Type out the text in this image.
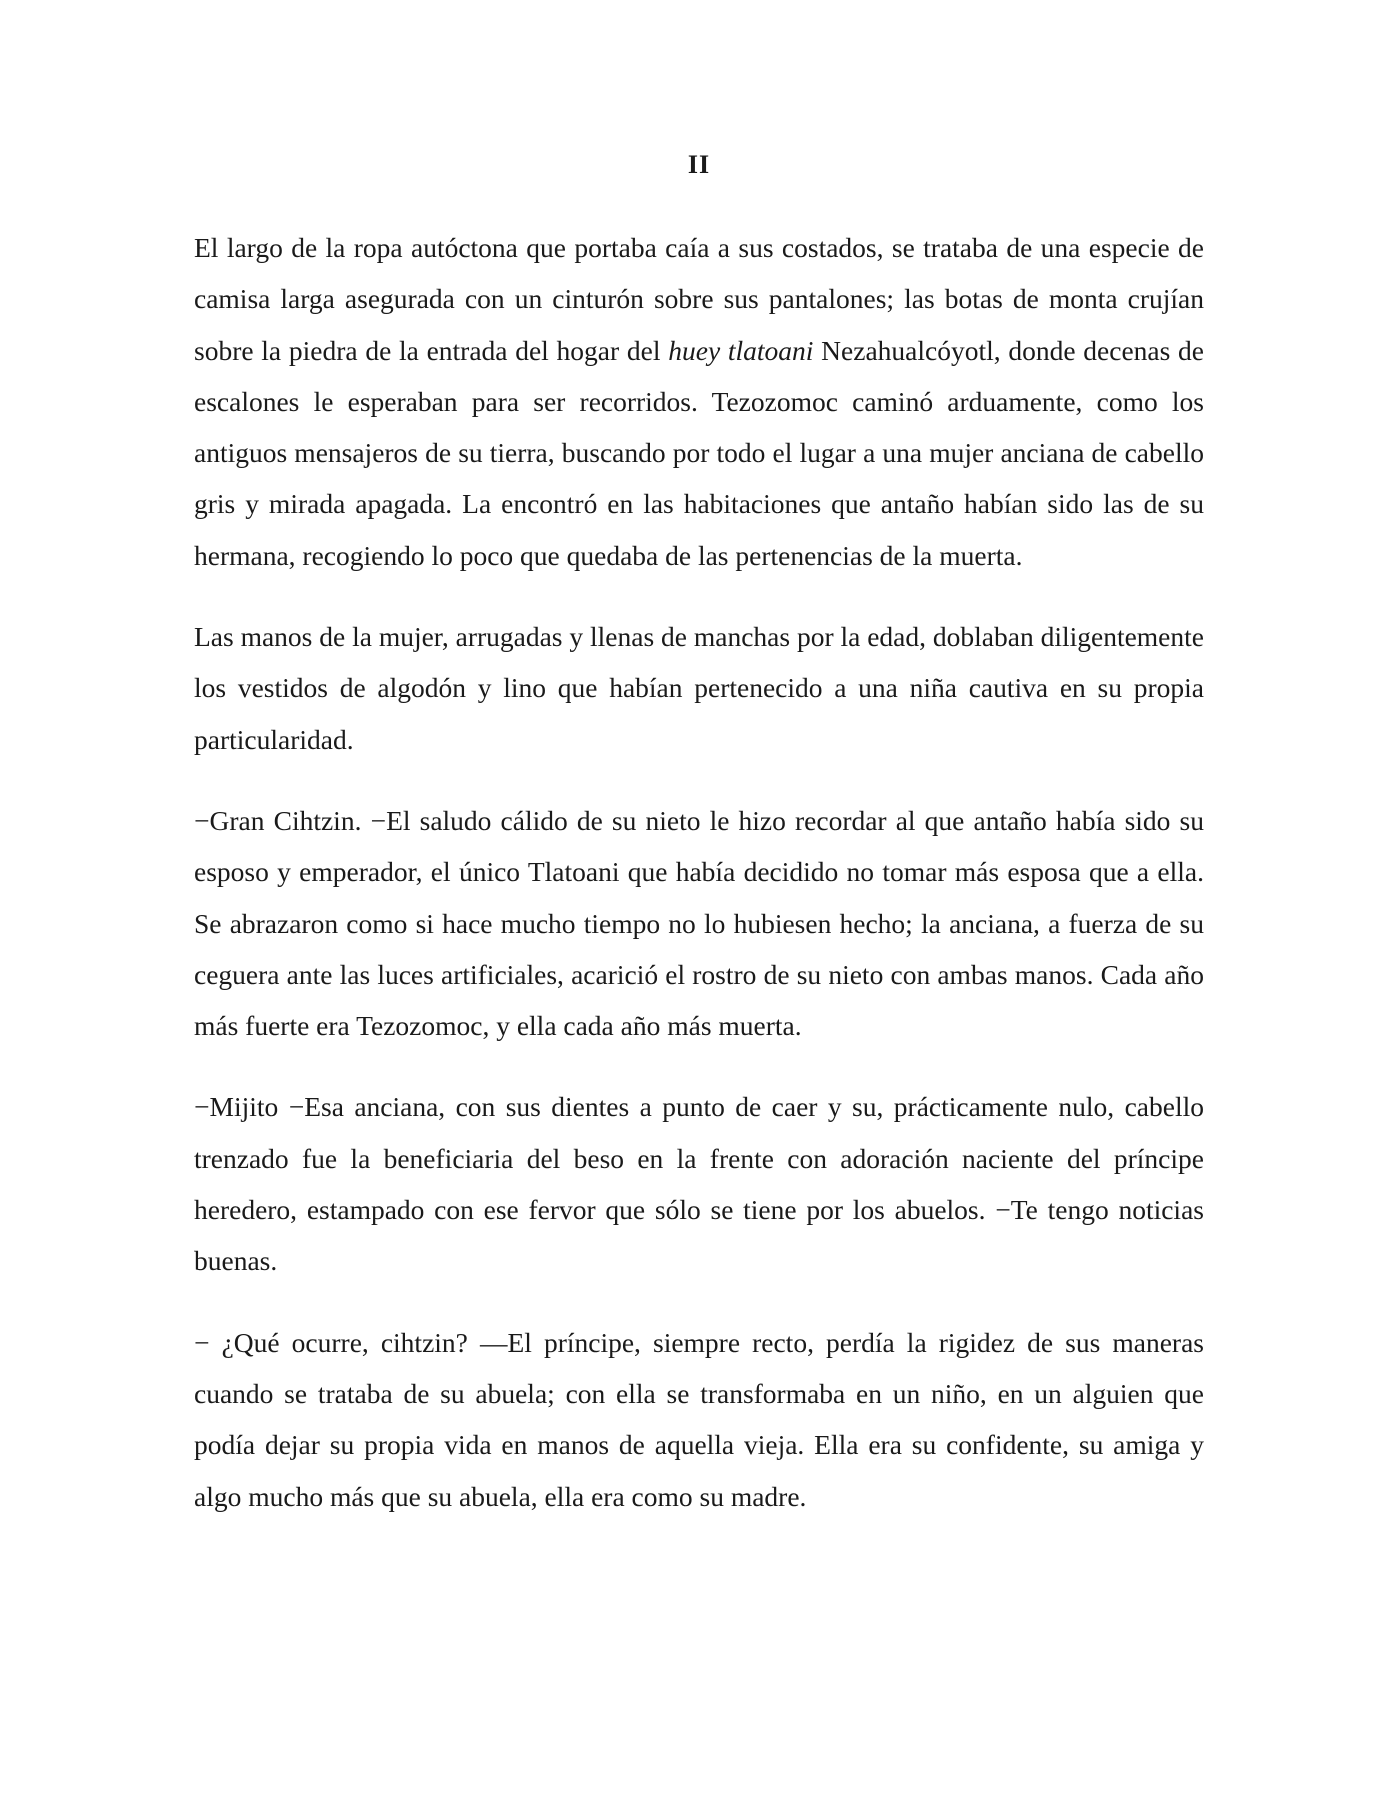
II

El largo de la ropa autóctona que portaba caía a sus costados, se trataba de una especie de camisa larga asegurada con un cinturón sobre sus pantalones; las botas de monta crujían sobre la piedra de la entrada del hogar del huey tlatoani Nezahualcóyotl, donde decenas de escalones le esperaban para ser recorridos. Tezozomoc caminó arduamente, como los antiguos mensajeros de su tierra, buscando por todo el lugar a una mujer anciana de cabello gris y mirada apagada. La encontró en las habitaciones que antaño habían sido las de su hermana, recogiendo lo poco que quedaba de las pertenencias de la muerta.

Las manos de la mujer, arrugadas y llenas de manchas por la edad, doblaban diligentemente los vestidos de algodón y lino que habían pertenecido a una niña cautiva en su propia particularidad.

−Gran Cihtzin. −El saludo cálido de su nieto le hizo recordar al que antaño había sido su esposo y emperador, el único Tlatoani que había decidido no tomar más esposa que a ella. Se abrazaron como si hace mucho tiempo no lo hubiesen hecho; la anciana, a fuerza de su ceguera ante las luces artificiales, acarició el rostro de su nieto con ambas manos. Cada año más fuerte era Tezozomoc, y ella cada año más muerta.

−Mijito −Esa anciana, con sus dientes a punto de caer y su, prácticamente nulo, cabello trenzado fue la beneficiaria del beso en la frente con adoración naciente del príncipe heredero, estampado con ese fervor que sólo se tiene por los abuelos. −Te tengo noticias buenas.

− ¿Qué ocurre, cihtzin? —El príncipe, siempre recto, perdía la rigidez de sus maneras cuando se trataba de su abuela; con ella se transformaba en un niño, en un alguien que podía dejar su propia vida en manos de aquella vieja. Ella era su confidente, su amiga y algo mucho más que su abuela, ella era como su madre.
